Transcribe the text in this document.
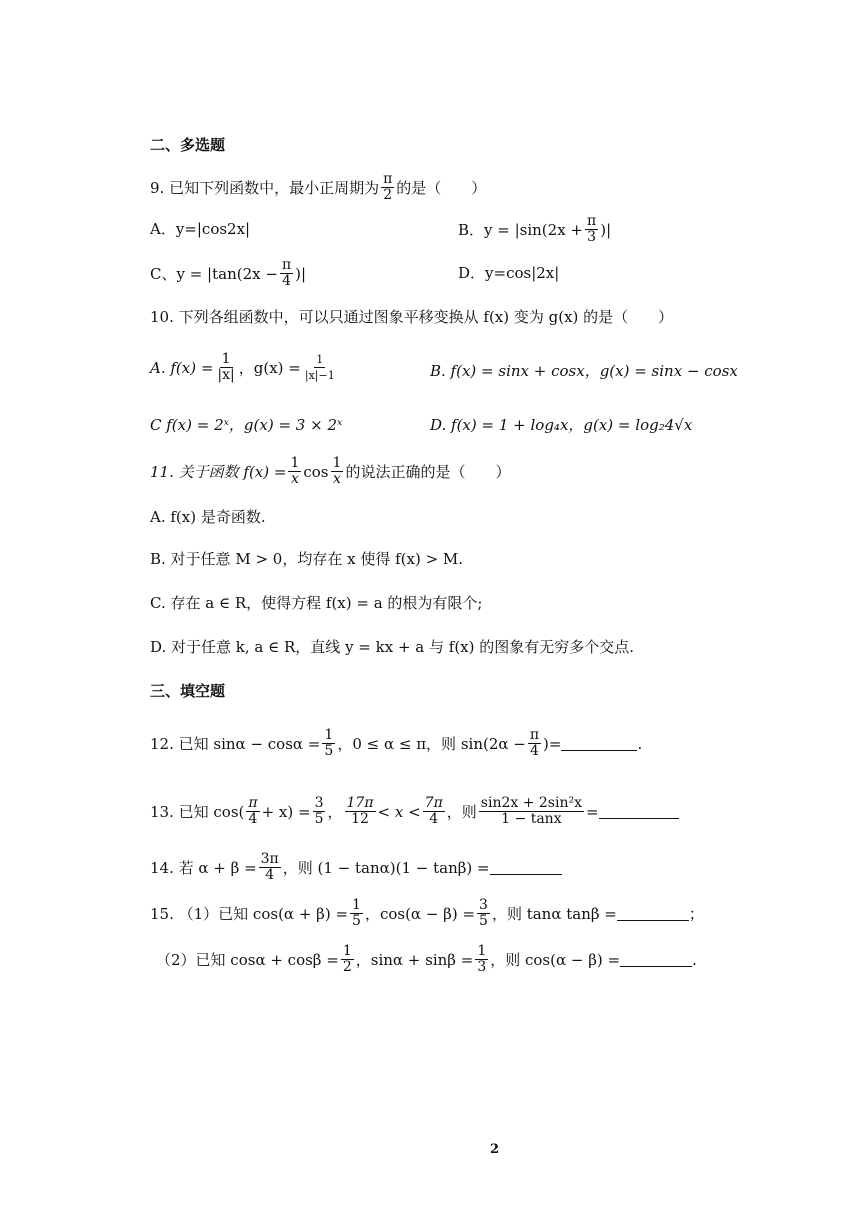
二、多选题
9. 已知下列函数中，最小正周期为 $\frac{\pi}{2}$ 的是（　　）
A．y=|cos2x|	B．$y = |\sin(2x + \frac{\pi}{3}$ )|
C、$y = |\tan(2x - \frac{\pi}{4}$ )|	D．y=cos|2x|
10. 下列各组函数中，可以只通过图象平移变换从 f(x) 变为 g(x) 的是（　　）
A. $f(x) = \frac{1}{|x|}$ ，$g(x) = \frac{1}{|x|-1}$	B. f(x) = sinx + cosx，g(x) = sinx − cosx
C f(x) = 2ˣ，g(x) = 3 × 2ˣ	D. f(x) = 1 + log₄x，g(x) = log₂4√x
11. 关于函数 $f(x) = \frac{1}{x}$ $\cos \frac{1}{x}$ 的说法正确的是（　　）
A. f(x) 是奇函数.
B. 对于任意 M > 0，均存在 x 使得 f(x) > M.
C. 存在 a ∈ R，使得方程 f(x) = a 的根为有限个;
D. 对于任意 k, a ∈ R，直线 y = kx + a 与 f(x) 的图象有无穷多个交点.
三、填空题
12. 已知 $\sin\alpha - \cos\alpha = \frac{1}{5}$ ，0 ≤ α ≤ π，则 $\sin(2\alpha - \frac{\pi}{4}$ )=	.
13. 已知 $\cos( \frac{\pi}{4} + x) = \frac{3}{5}$ ， $\frac{17\pi}{12} < x < \frac{7\pi}{4}$ ，则 $\frac{\text{sin2x + 2sin²x}}{1 - \tan x}$ =
14. 若 $\alpha + \beta = \frac{3\pi}{4}$ ，则 (1 − tanα)(1 − tanβ) =
15. （1）已知 $\cos(\alpha + \beta) = \frac{1}{5}$ ，$\cos(\alpha - \beta) = \frac{3}{5}$ ，则 tanα tanβ =	；
（2）已知 $\cos\alpha + \cos\beta = \frac{1}{2}$ ，$\sin\alpha + \sin\beta = \frac{1}{3}$ ，则 cos(α − β) =	.
2
